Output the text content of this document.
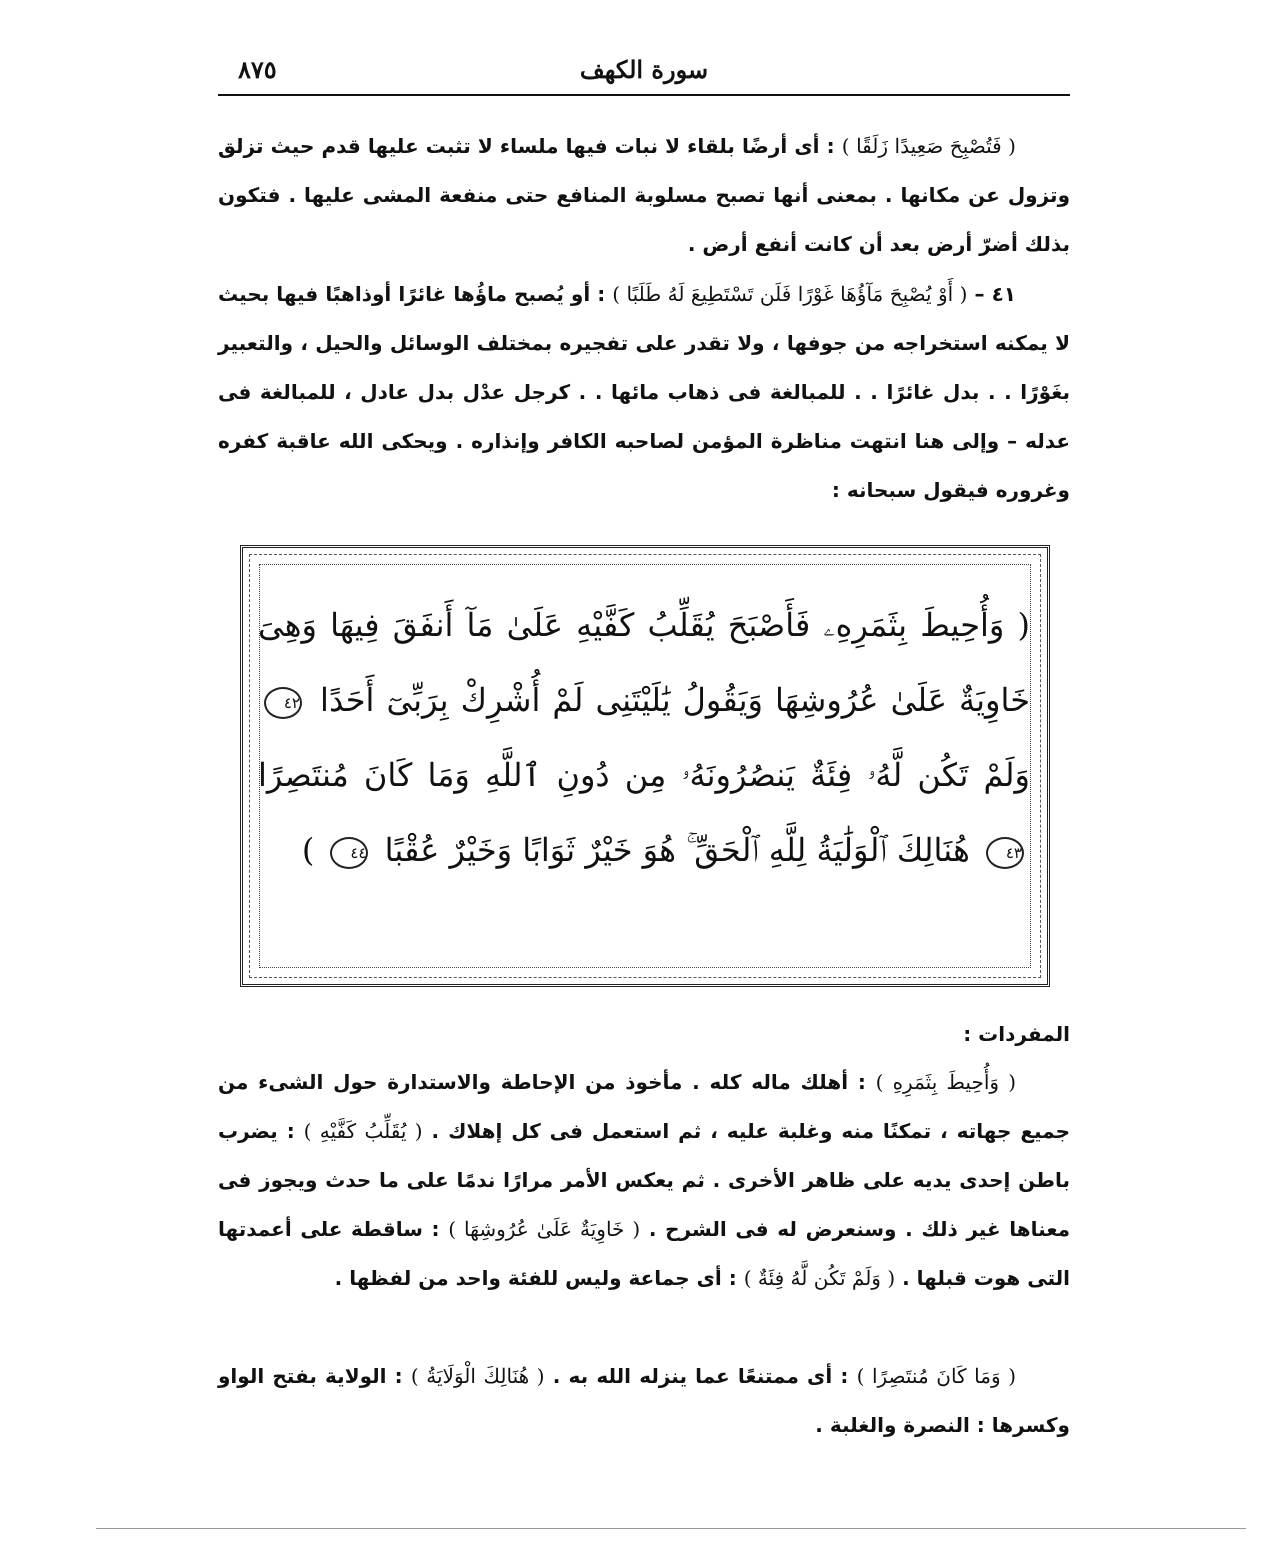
سورة الكهف
٨٧٥
( فَتُصْبِحَ صَعِيدًا زَلَقًا ) : أى أرضًا بلقاء لا نبات فيها ملساء لا تثبت عليها قدم حيث تزلق وتزول عن مكانها . بمعنى أنها تصبح مسلوبة المنافع حتى منفعة المشى عليها . فتكون بذلك أضرّ أرض بعد أن كانت أنفع أرض .
٤١ – ( أَوْ يُصْبِحَ مَآؤُهَا غَوْرًا فَلَن تَسْتَطِيعَ لَهُ طَلَبًا ) : أو يُصبح ماؤُها غائرًا أوذاهبًا فيها بحيث لا يمكنه استخراجه من جوفها ، ولا تقدر على تفجيره بمختلف الوسائل والحيل ، والتعبير بغَوْرًا . . بدل غائرًا . . للمبالغة فى ذهاب مائها . . كرجل عدْل بدل عادل ، للمبالغة فى عدله – وإلى هنا انتهت مناظرة المؤمن لصاحبه الكافر وإنذاره . ويحكى الله عاقبة كفره وغروره فيقول سبحانه :
( وَأُحِيطَ بِثَمَرِهِۦ فَأَصْبَحَ يُقَلِّبُ كَفَّيْهِ عَلَىٰ مَآ أَنفَقَ فِيهَا وَهِىَ خَاوِيَةٌ عَلَىٰ عُرُوشِهَا وَيَقُولُ يَٰلَيْتَنِى لَمْ أُشْرِكْ بِرَبِّىٓ أَحَدًا ٤٢ وَلَمْ تَكُن لَّهُۥ فِئَةٌ يَنصُرُونَهُۥ مِن دُونِ ٱللَّهِ وَمَا كَانَ مُنتَصِرًا ٤٣ هُنَالِكَ ٱلْوَلَٰيَةُ لِلَّهِ ٱلْحَقِّ ۚ هُوَ خَيْرٌ ثَوَابًا وَخَيْرٌ عُقْبًا ٤٤ )
المفردات :
( وَأُحِيطَ بِثَمَرِهِ ) : أهلك ماله كله . مأخوذ من الإحاطة والاستدارة حول الشىء من جميع جهاته ، تمكنًا منه وغلبة عليه ، ثم استعمل فى كل إهلاك . ( يُقَلِّبُ كَفَّيْهِ ) : يضرب باطن إحدى يديه على ظاهر الأخرى . ثم يعكس الأمر مرارًا ندمًا على ما حدث ويجوز فى معناها غير ذلك . وسنعرض له فى الشرح . ( خَاوِيَةٌ عَلَىٰ عُرُوشِهَا ) : ساقطة على أعمدتها التى هوت قبلها . ( وَلَمْ تَكُن لَّهُ فِئَةٌ ) : أى جماعة وليس للفئة واحد من لفظها .
( وَمَا كَانَ مُنتَصِرًا ) : أى ممتنعًا عما ينزله الله به . ( هُنَالِكَ الْوَلَايَةُ ) : الولاية بفتح الواو وكسرها : النصرة والغلبة .
